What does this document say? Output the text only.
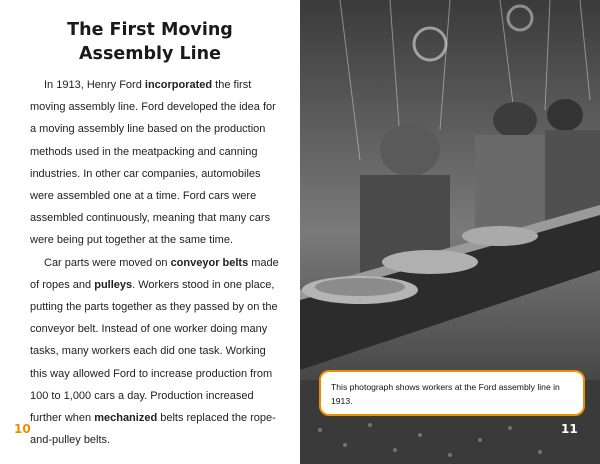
The First Moving
Assembly Line

In 1913, Henry Ford incorporated the first moving assembly line. Ford developed the idea for a moving assembly line based on the production methods used in the meatpacking and canning industries. In other car companies, automobiles were assembled one at a time. Ford cars were assembled continuously, meaning that many cars were being put together at the same time.

Car parts were moved on conveyor belts made of ropes and pulleys. Workers stood in one place, putting the parts together as they passed by on the conveyor belt. Instead of one worker doing many tasks, many workers each did one task. Working this way allowed Ford to increase production from 100 to 1,000 cars a day. Production increased further when mechanized belts replaced the rope-and-pulley belts.

10
This photograph shows workers at the Ford assembly line in 1913.
11
